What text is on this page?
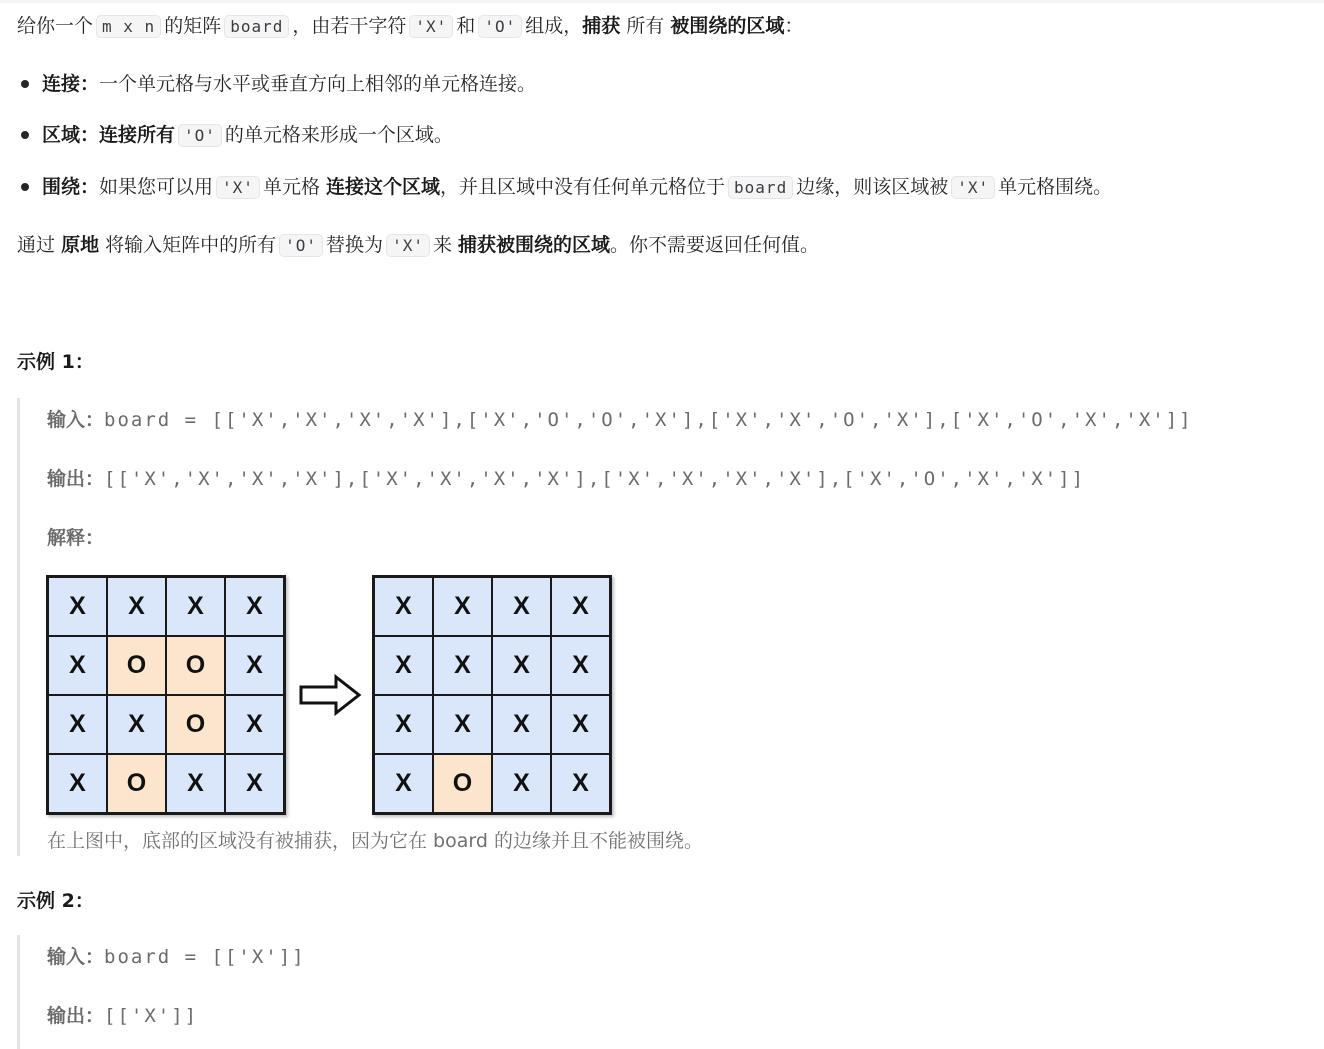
给你一个 m x n 的矩阵 board ，由若干字符 'X' 和 'O' 组成，捕获 所有 被围绕的区域：
连接：一个单元格与水平或垂直方向上相邻的单元格连接。
区域：连接所有 'O' 的单元格来形成一个区域。
围绕：如果您可以用 'X' 单元格 连接这个区域，并且区域中没有任何单元格位于 board 边缘，则该区域被 'X' 单元格围绕。
通过 原地 将输入矩阵中的所有 'O' 替换为 'X' 来 捕获被围绕的区域。你不需要返回任何值。
示例 1：
输入：board = [['X','X','X','X'],['X','O','O','X'],['X','X','O','X'],['X','O','X','X']]
输出：[['X','X','X','X'],['X','X','X','X'],['X','X','X','X'],['X','O','X','X']]
解释：
X	X	X	X
X	O	O	X
X	X	O	X
X	O	X	X
X	X	X	X
X	X	X	X
X	X	X	X
X	O	X	X
在上图中，底部的区域没有被捕获，因为它在 board 的边缘并且不能被围绕。
示例 2：
输入：board = [['X']]
输出：[['X']]
